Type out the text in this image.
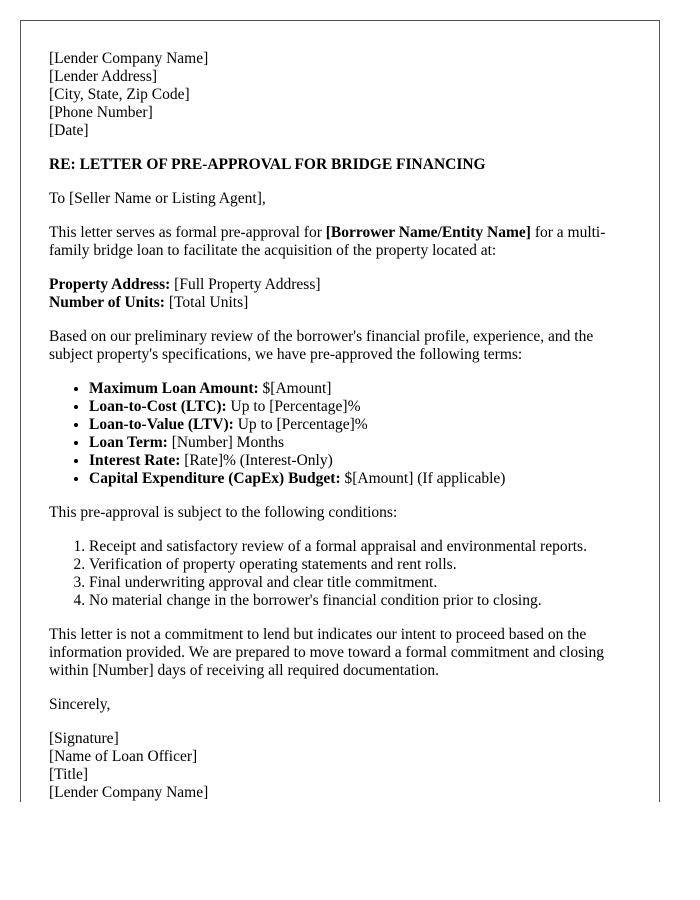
[Lender Company Name]
[Lender Address]
[City, State, Zip Code]
[Phone Number]
[Date]
RE: LETTER OF PRE-APPROVAL FOR BRIDGE FINANCING

To [Seller Name or Listing Agent],

This letter serves as formal pre-approval for [Borrower Name/Entity Name] for a multi-family bridge loan to facilitate the acquisition of the property located at:

Property Address: [Full Property Address]
Number of Units: [Total Units]

Based on our preliminary review of the borrower's financial profile, experience, and the subject property's specifications, we have pre-approved the following terms:

• Maximum Loan Amount: $[Amount]
• Loan-to-Cost (LTC): Up to [Percentage]%
• Loan-to-Value (LTV): Up to [Percentage]%
• Loan Term: [Number] Months
• Interest Rate: [Rate]% (Interest-Only)
• Capital Expenditure (CapEx) Budget: $[Amount] (If applicable)

This pre-approval is subject to the following conditions:

1. Receipt and satisfactory review of a formal appraisal and environmental reports.
2. Verification of property operating statements and rent rolls.
3. Final underwriting approval and clear title commitment.
4. No material change in the borrower's financial condition prior to closing.

This letter is not a commitment to lend but indicates our intent to proceed based on the information provided. We are prepared to move toward a formal commitment and closing within [Number] days of receiving all required documentation.

Sincerely,

[Signature]
[Name of Loan Officer]
[Title]
[Lender Company Name]
